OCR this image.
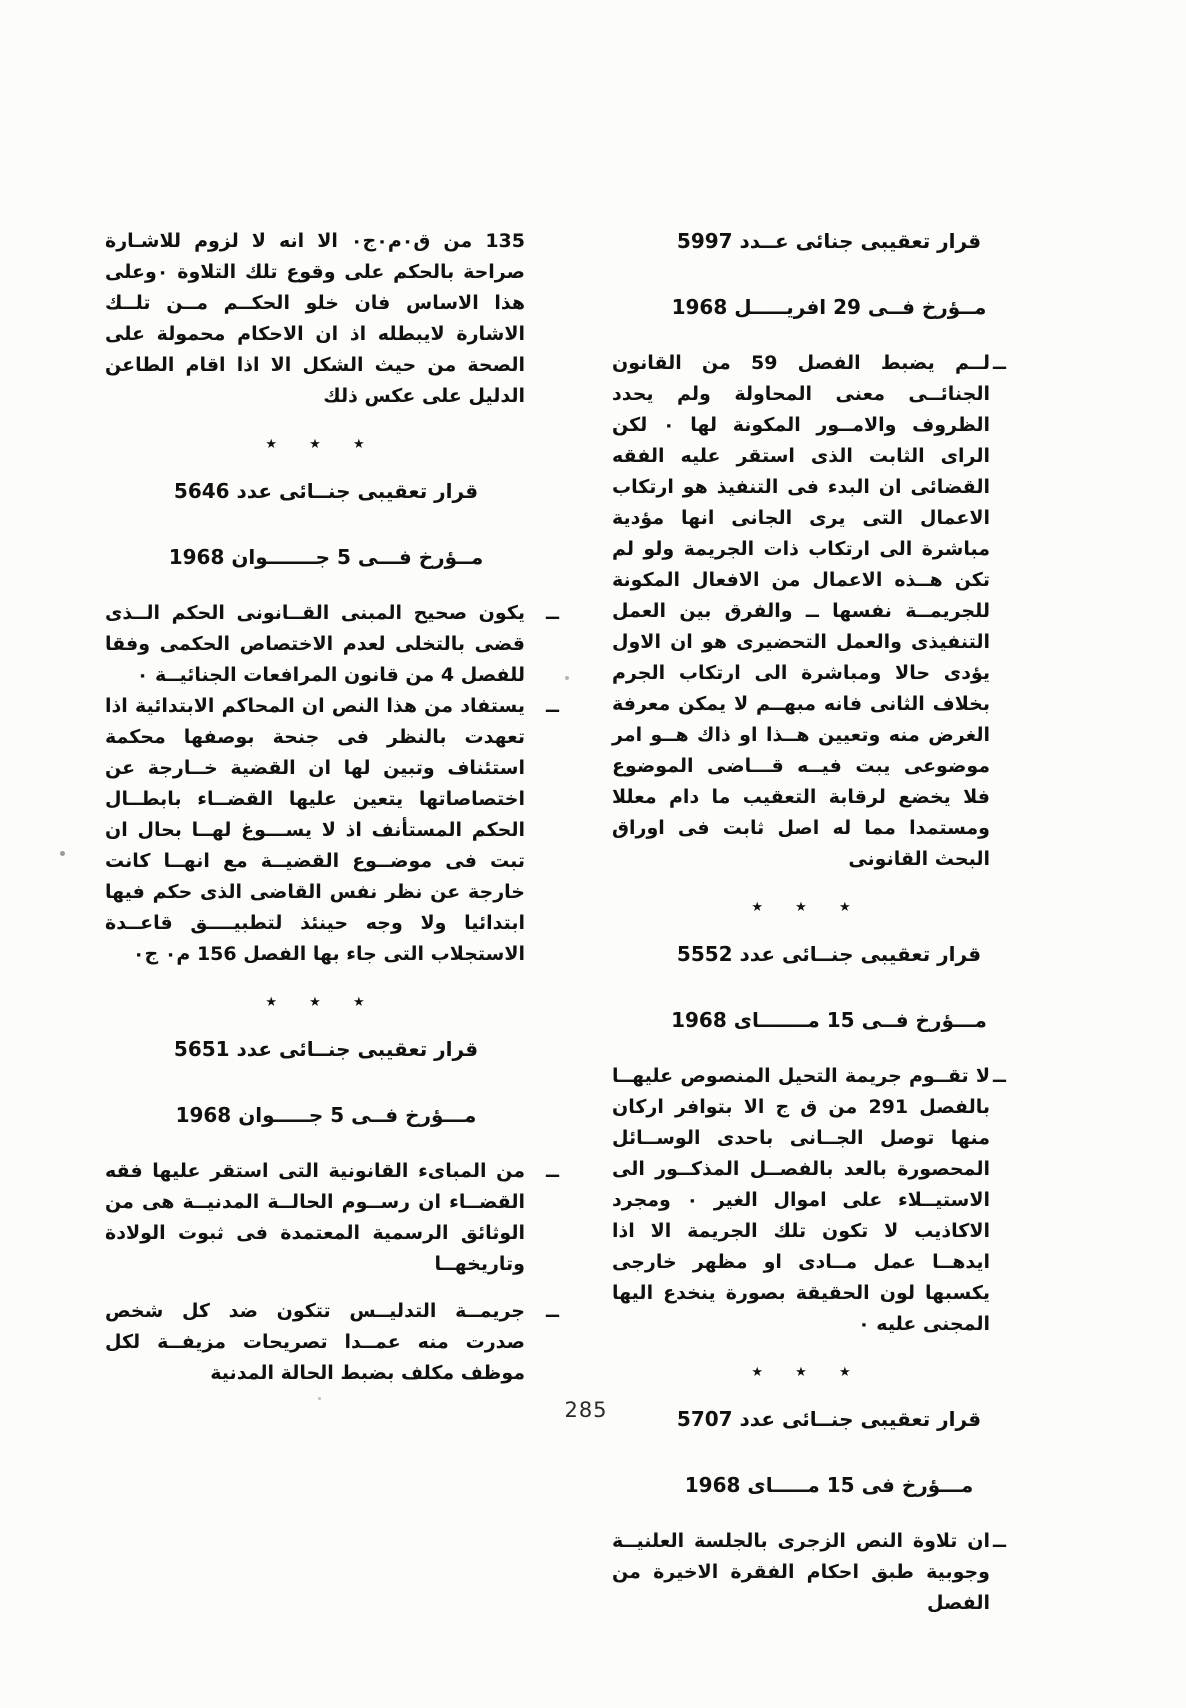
قرار تعقيبى جنائى عــدد 5997

مــؤرخ فــى 29 افريـــــل 1968

ــ

لــم يضبط الفصل 59 من القانون الجنائــى معنى المحاولة ولم يحدد الظروف والامــور المكونة لها ٠ لكن الراى الثابت الذى استقر عليه الفقه القضائى ان البدء فى التنفيذ هو ارتكاب الاعمال التى يرى الجانى انها مؤدية مباشرة الى ارتكاب ذات الجريمة ولو لم تكن هــذه الاعمال من الافعال المكونة للجريمــة نفسها ــ والفرق بين العمل التنفيذى والعمل التحضيرى هو ان الاول يؤدى حالا ومباشرة الى ارتكاب الجرم بخلاف الثانى فانه مبهــم لا يمكن معرفة الغرض منه وتعيين هــذا او ذاك هــو امر موضوعى يبت فيــه قـــاضى الموضوع فلا يخضع لرقابة التعقيب ما دام معللا ومستمدا مما له اصل ثابت فى اوراق البحث القانونى

★ ★ ★
قرار تعقيبى جنــائى عدد 5552

مـــؤرخ فــى 15 مـــــــاى 1968

ــ

لا تقــوم جريمة التحيل المنصوص عليهــا بالفصل 291 من ق ج الا بتوافر اركان منها توصل الجــانى باحدى الوســائل المحصورة بالعد بالفصــل المذكــور الى الاستيــلاء على اموال الغير ٠ ومجرد الاكاذيب لا تكون تلك الجريمة الا اذا ايدهــا عمل مــادى او مظهر خارجى يكسبها لون الحقيقة بصورة ينخدع اليها المجنى عليه ٠

★ ★ ★
قرار تعقيبى جنــائى عدد 5707

مـــؤرخ فى 15 مـــــاى 1968

ــ

ان تلاوة النص الزجرى بالجلسة العلنيــة وجوبية طبق احكام الفقرة الاخيرة من الفصل

135 من ق٠م٠ج٠ الا انه لا لزوم للاشـارة صراحة بالحكم على وقوع تلك التلاوة ٠وعلى هذا الاساس فان خلو الحكــم مــن تلــك الاشارة لايبطله اذ ان الاحكام محمولة على الصحة من حيث الشكل الا اذا اقام الطاعن الدليل على عكس ذلك

★ ★ ★
قرار تعقيبى جنــائى عدد 5646

مــؤرخ فـــى 5 جـــــــوان 1968

ــ

يكون صحيح المبنى القــانونى الحكم الــذى قضى بالتخلى لعدم الاختصاص الحكمى وفقا للفصل 4 من قانون المرافعات الجنائيــة ٠

ــ

يستفاد من هذا النص ان المحاكم الابتدائية اذا تعهدت بالنظر فى جنحة بوصفها محكمة استئناف وتبين لها ان القضية خــارجة عن اختصاصاتها يتعين عليها القضــاء بابطــال الحكم المستأنف اذ لا يســـوغ لهــا بحال ان تبت فى موضــوع القضيــة مع انهــا كانت خارجة عن نظر نفس القاضى الذى حكم فيها ابتدائيا ولا وجه حينئذ لتطبيــــق قاعــدة الاستجلاب التى جاء بها الفصل 156 م٠ ج٠

★ ★ ★
قرار تعقيبى جنــائى عدد 5651

مـــؤرخ فــى 5 جـــــوان 1968

ــ

من المباىء القانونية التى استقر عليها فقه القضــاء ان رســوم الحالــة المدنيــة هى من الوثائق الرسمية المعتمدة فى ثبوت الولادة وتاريخهــا

ــ

جريمــة التدليــس تتكون ضد كل شخص صدرت منه عمــدا تصريحات مزيفــة لكل موظف مكلف بضبط الحالة المدنية

285
